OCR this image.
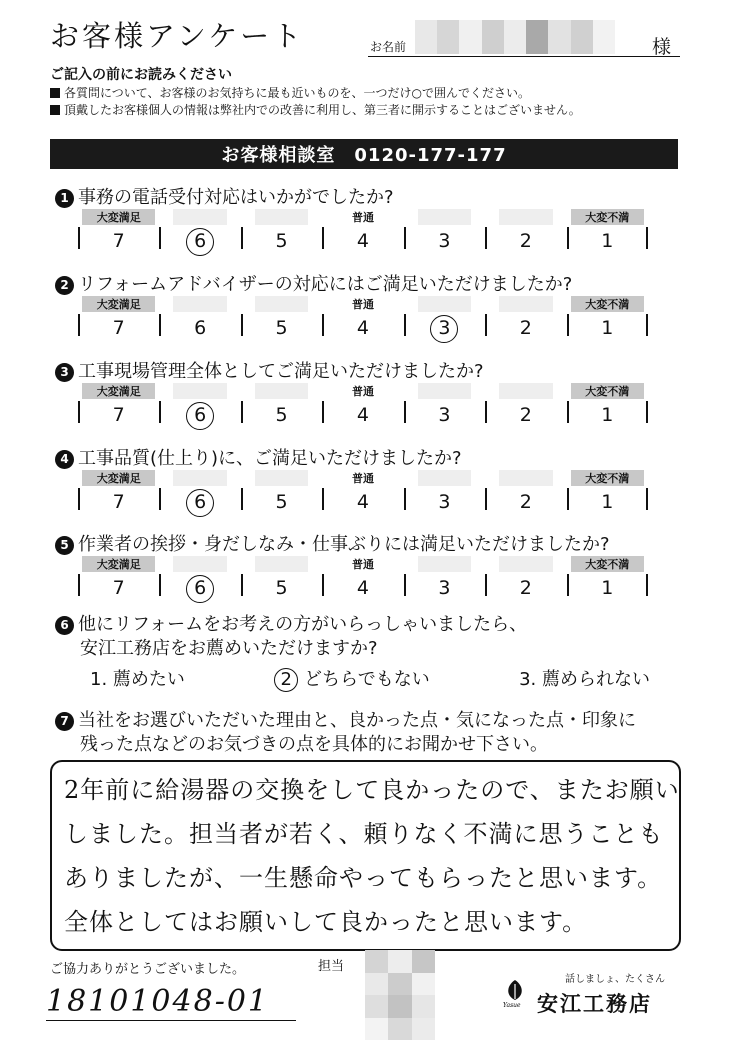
お客様アンケート	お名前	様
ご記入の前にお読みください
各質問について、お客様のお気持ちに最も近いものを、一つだけ○で囲んでください。
頂戴したお客様個人の情報は弊社内での改善に利用し、第三者に開示することはございません。
お客様相談室　0120-177-177
1 事務の電話受付対応はいかがでしたか?
大変満足	普通	大変不満
7	6	5	4	3	2	1
2 リフォームアドバイザーの対応にはご満足いただけましたか?
大変満足	普通	大変不満
7	6	5	4	3	2	1
3 工事現場管理全体としてご満足いただけましたか?
大変満足	普通	大変不満
7	6	5	4	3	2	1
4 工事品質(仕上り)に、ご満足いただけましたか?
大変満足	普通	大変不満
7	6	5	4	3	2	1
5 作業者の挨拶・身だしなみ・仕事ぶりには満足いただけましたか?
大変満足	普通	大変不満
7	6	5	4	3	2	1
6 他にリフォームをお考えの方がいらっしゃいましたら、
安江工務店をお薦めいただけますか?
1. 薦めたい	2 どちらでもない	3. 薦められない
7 当社をお選びいただいた理由と、良かった点・気になった点・印象に
残った点などのお気づきの点を具体的にお聞かせ下さい。
2年前に給湯器の交換をして良かったので、またお願い
しました。担当者が若く、頼りなく不満に思うことも
ありましたが、一生懸命やってもらったと思います。
全体としてはお願いして良かったと思います。
ご協力ありがとうございました。	担当
18101048-01	Yasue
話しましょ、たくさん
安江工務店
